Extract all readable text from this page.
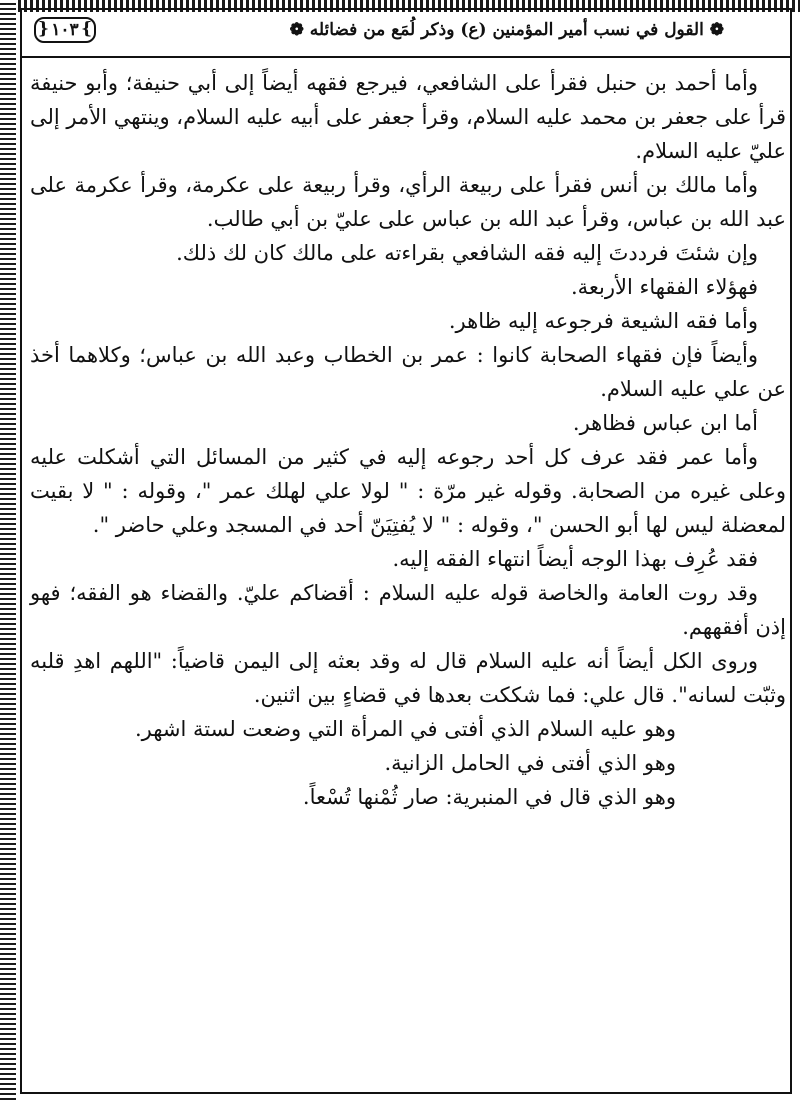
❁ القول في نسب أمير المؤمنين (ع) وذكر لُمَع من فضائله ❁
{ ١٠٣ }

وأما أحمد بن حنبل فقرأ على الشافعي، فيرجع فقهه أيضاً إلى أبي حنيفة؛ وأبو حنيفة قرأ على جعفر بن محمد عليه السلام، وقرأ جعفر على أبيه عليه السلام، وينتهي الأمر إلى عليّ عليه السلام.

وأما مالك بن أنس فقرأ على ربيعة الرأي، وقرأ ربيعة على عكرمة، وقرأ عكرمة على عبد الله بن عباس، وقرأ عبد الله بن عباس على عليّ بن أبي طالب.

وإن شئتَ فرددتَ إليه فقه الشافعي بقراءته على مالك كان لك ذلك.

فهؤلاء الفقهاء الأربعة.

وأما فقه الشيعة فرجوعه إليه ظاهر.

وأيضاً فإن فقهاء الصحابة كانوا : عمر بن الخطاب وعبد الله بن عباس؛ وكلاهما أخذ عن علي عليه السلام.

أما ابن عباس فظاهر.

وأما عمر فقد عرف كل أحد رجوعه إليه في كثير من المسائل التي أشكلت عليه وعلى غيره من الصحابة. وقوله غير مرّة : " لولا علي لهلك عمر "، وقوله : " لا بقيت لمعضلة ليس لها أبو الحسن "، وقوله : " لا يُفتِيَنّ أحد في المسجد وعلي حاضر ".

فقد عُرِف بهذا الوجه أيضاً انتهاء الفقه إليه.

وقد روت العامة والخاصة قوله عليه السلام : أقضاكم عليّ. والقضاء هو الفقه؛ فهو إذن أفقههم.

وروى الكل أيضاً أنه عليه السلام قال له وقد بعثه إلى اليمن قاضياً: "اللهم اهدِ قلبه وثبّت لسانه". قال علي: فما شككت بعدها في قضاءٍ بين اثنين.

وهو عليه السلام الذي أفتى في المرأة التي وضعت لستة اشهر.

وهو الذي أفتى في الحامل الزانية.

وهو الذي قال في المنبرية: صار ثُمْنها تُسْعاً.
